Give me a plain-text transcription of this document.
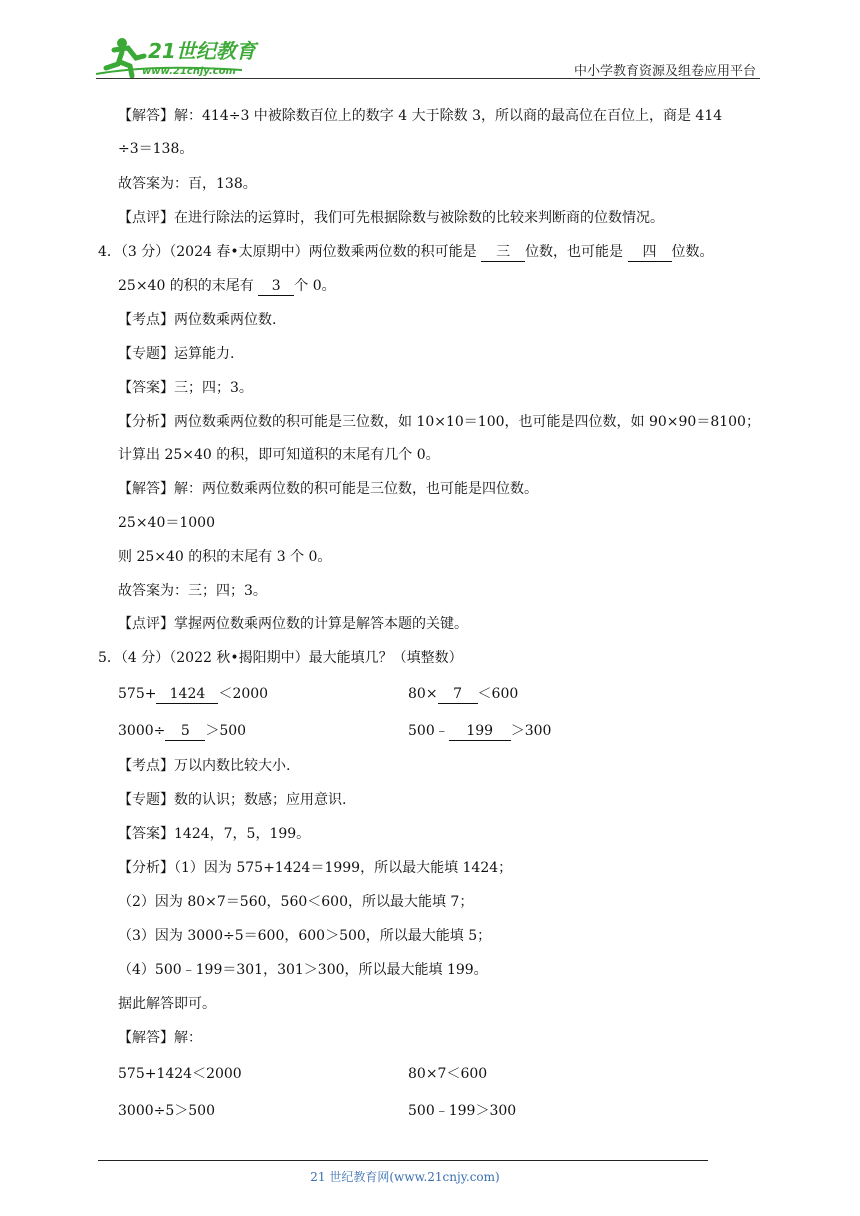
21世纪教育
www.21cnjy.com	中小学教育资源及组卷应用平台
【解答】解：414÷3 中被除数百位上的数字 4 大于除数 3，所以商的最高位在百位上，商是 414
÷3＝138。
故答案为：百，138。
【点评】在进行除法的运算时，我们可先根据除数与被除数的比较来判断商的位数情况。
4．（3 分）（2024 春•太原期中）两位数乘两位数的积可能是 三 位数，也可能是 四 位数。
25×40 的积的末尾有 3 个 0。
【考点】两位数乘两位数.
【专题】运算能力.
【答案】三；四；3。
【分析】两位数乘两位数的积可能是三位数，如 10×10＝100，也可能是四位数，如 90×90＝8100；
计算出 25×40 的积，即可知道积的末尾有几个 0。
【解答】解：两位数乘两位数的积可能是三位数，也可能是四位数。
25×40＝1000
则 25×40 的积的末尾有 3 个 0。
故答案为：三；四；3。
【点评】掌握两位数乘两位数的计算是解答本题的关键。
5．（4 分）（2022 秋•揭阳期中）最大能填几？（填整数）
575+ 1424 ＜2000	80× 7 ＜600
3000÷ 5 ＞500	500﹣ 199 ＞300
【考点】万以内数比较大小.
【专题】数的认识；数感；应用意识.
【答案】1424，7，5，199。
【分析】（1）因为 575+1424＝1999，所以最大能填 1424；
（2）因为 80×7＝560，560＜600，所以最大能填 7；
（3）因为 3000÷5＝600，600＞500，所以最大能填 5；
（4）500﹣199＝301，301＞300，所以最大能填 199。
据此解答即可。
【解答】解：
575+1424＜2000	80×7＜600
3000÷5＞500	500﹣199＞300
21 世纪教育网(www.21cnjy.com)
